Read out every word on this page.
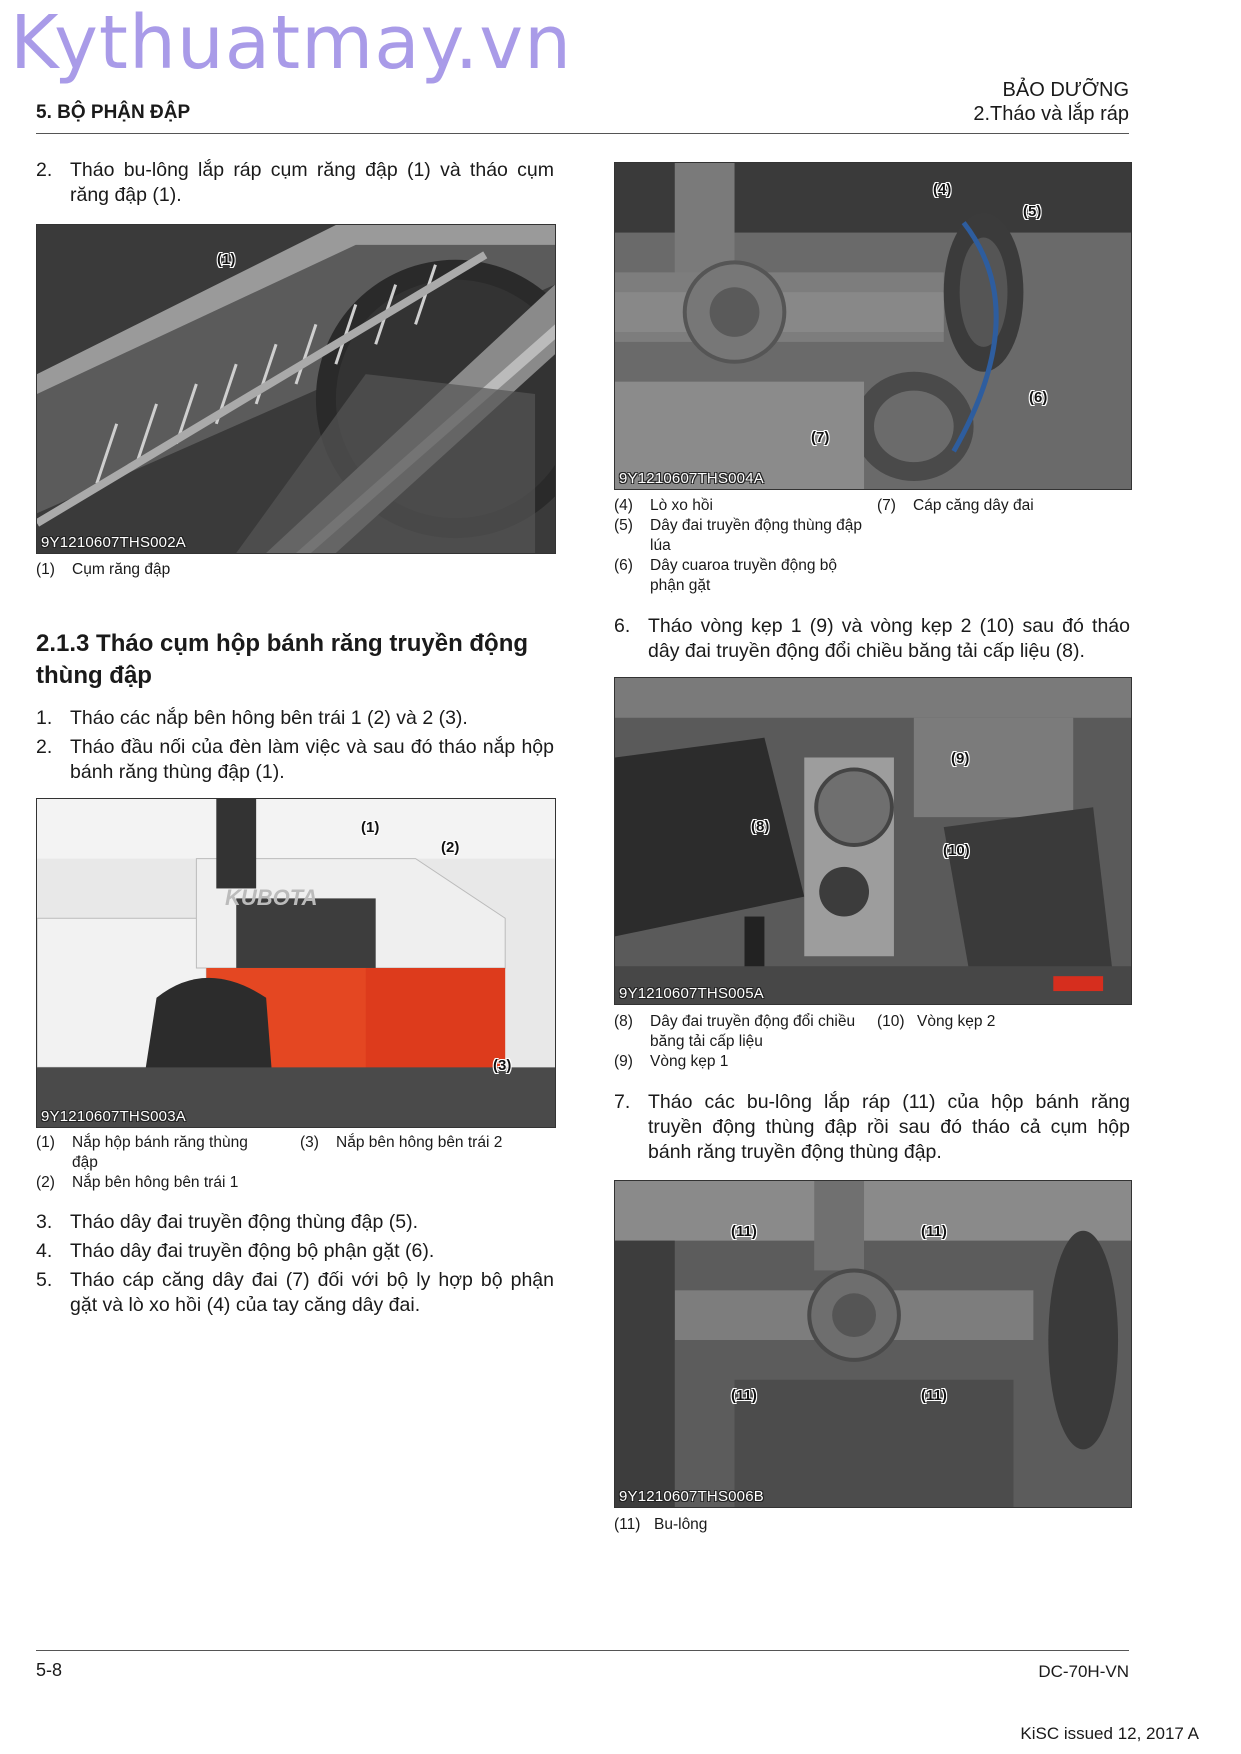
Kythuatmay.vn
BẢO DƯỠNG
2.Tháo và lắp ráp
5. BỘ PHẬN ĐẬP
2. Tháo bu-lông lắp ráp cụm răng đập (1) và tháo cụm răng đập (1).
(1)
9Y1210607THS002A
(1)	Cụm răng đập
2.1.3 Tháo cụm hộp bánh răng truyền động thùng đập
1. Tháo các nắp bên hông bên trái 1 (2) và 2 (3).
2. Tháo đầu nối của đèn làm việc và sau đó tháo nắp hộp bánh răng thùng đập (1).
KUBOTA
(1)
(2)
(3)
9Y1210607THS003A
(1)	Nắp hộp bánh răng thùng đập
(2)	Nắp bên hông bên trái 1
(3)	Nắp bên hông bên trái 2
3. Tháo dây đai truyền động thùng đập (5).
4. Tháo dây đai truyền động bộ phận gặt (6).
5. Tháo cáp căng dây đai (7) đối với bộ ly hợp bộ phận gặt và lò xo hồi (4) của tay căng dây đai.
(4)
(5)
(6)
(7)
9Y1210607THS004A
(4)	Lò xo hồi
(5)	Dây đai truyền động thùng đập lúa
(6)	Dây cuaroa truyền động bộ phận gặt
(7)	Cáp căng dây đai
6. Tháo vòng kẹp 1 (9) và vòng kẹp 2 (10) sau đó tháo dây đai truyền động đổi chiều băng tải cấp liệu (8).
(9)
(8)
(10)
9Y1210607THS005A
(8)	Dây đai truyền động đổi chiều băng tải cấp liệu
(9)	Vòng kẹp 1
(10) Vòng kẹp 2
7. Tháo các bu-lông lắp ráp (11) của hộp bánh răng truyền động thùng đập rồi sau đó tháo cả cụm hộp bánh răng truyền động thùng đập.
(11)	(11)
(11)	(11)
9Y1210607THS006B
(11) Bu-lông
5-8	DC-70H-VN
KiSC issued 12, 2017 A
